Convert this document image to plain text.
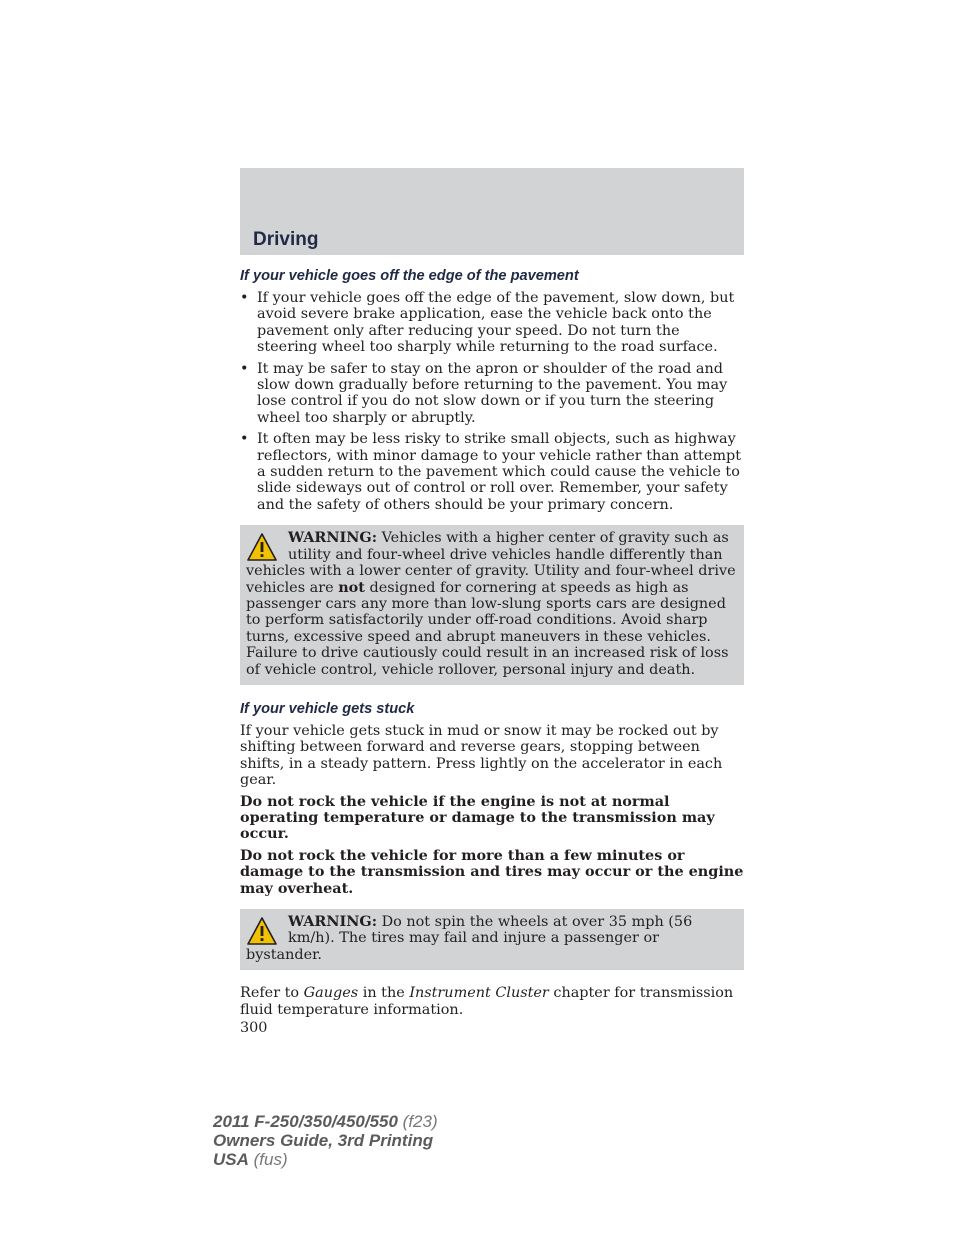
Driving
If your vehicle goes off the edge of the pavement
• If your vehicle goes off the edge of the pavement, slow down, but avoid severe brake application, ease the vehicle back onto the pavement only after reducing your speed. Do not turn the steering wheel too sharply while returning to the road surface.
• It may be safer to stay on the apron or shoulder of the road and slow down gradually before returning to the pavement. You may lose control if you do not slow down or if you turn the steering wheel too sharply or abruptly.
• It often may be less risky to strike small objects, such as highway reflectors, with minor damage to your vehicle rather than attempt a sudden return to the pavement which could cause the vehicle to slide sideways out of control or roll over. Remember, your safety and the safety of others should be your primary concern.
WARNING: Vehicles with a higher center of gravity such as utility and four-wheel drive vehicles handle differently than vehicles with a lower center of gravity. Utility and four-wheel drive vehicles are not designed for cornering at speeds as high as passenger cars any more than low-slung sports cars are designed to perform satisfactorily under off-road conditions. Avoid sharp turns, excessive speed and abrupt maneuvers in these vehicles. Failure to drive cautiously could result in an increased risk of loss of vehicle control, vehicle rollover, personal injury and death.
If your vehicle gets stuck

If your vehicle gets stuck in mud or snow it may be rocked out by shifting between forward and reverse gears, stopping between shifts, in a steady pattern. Press lightly on the accelerator in each gear.

Do not rock the vehicle if the engine is not at normal operating temperature or damage to the transmission may occur.

Do not rock the vehicle for more than a few minutes or damage to the transmission and tires may occur or the engine may overheat.

WARNING: Do not spin the wheels at over 35 mph (56 km/h). The tires may fail and injure a passenger or bystander.

Refer to Gauges in the Instrument Cluster chapter for transmission fluid temperature information.

300
2011 F-250/350/450/550 (f23)
Owners Guide, 3rd Printing
USA (fus)
